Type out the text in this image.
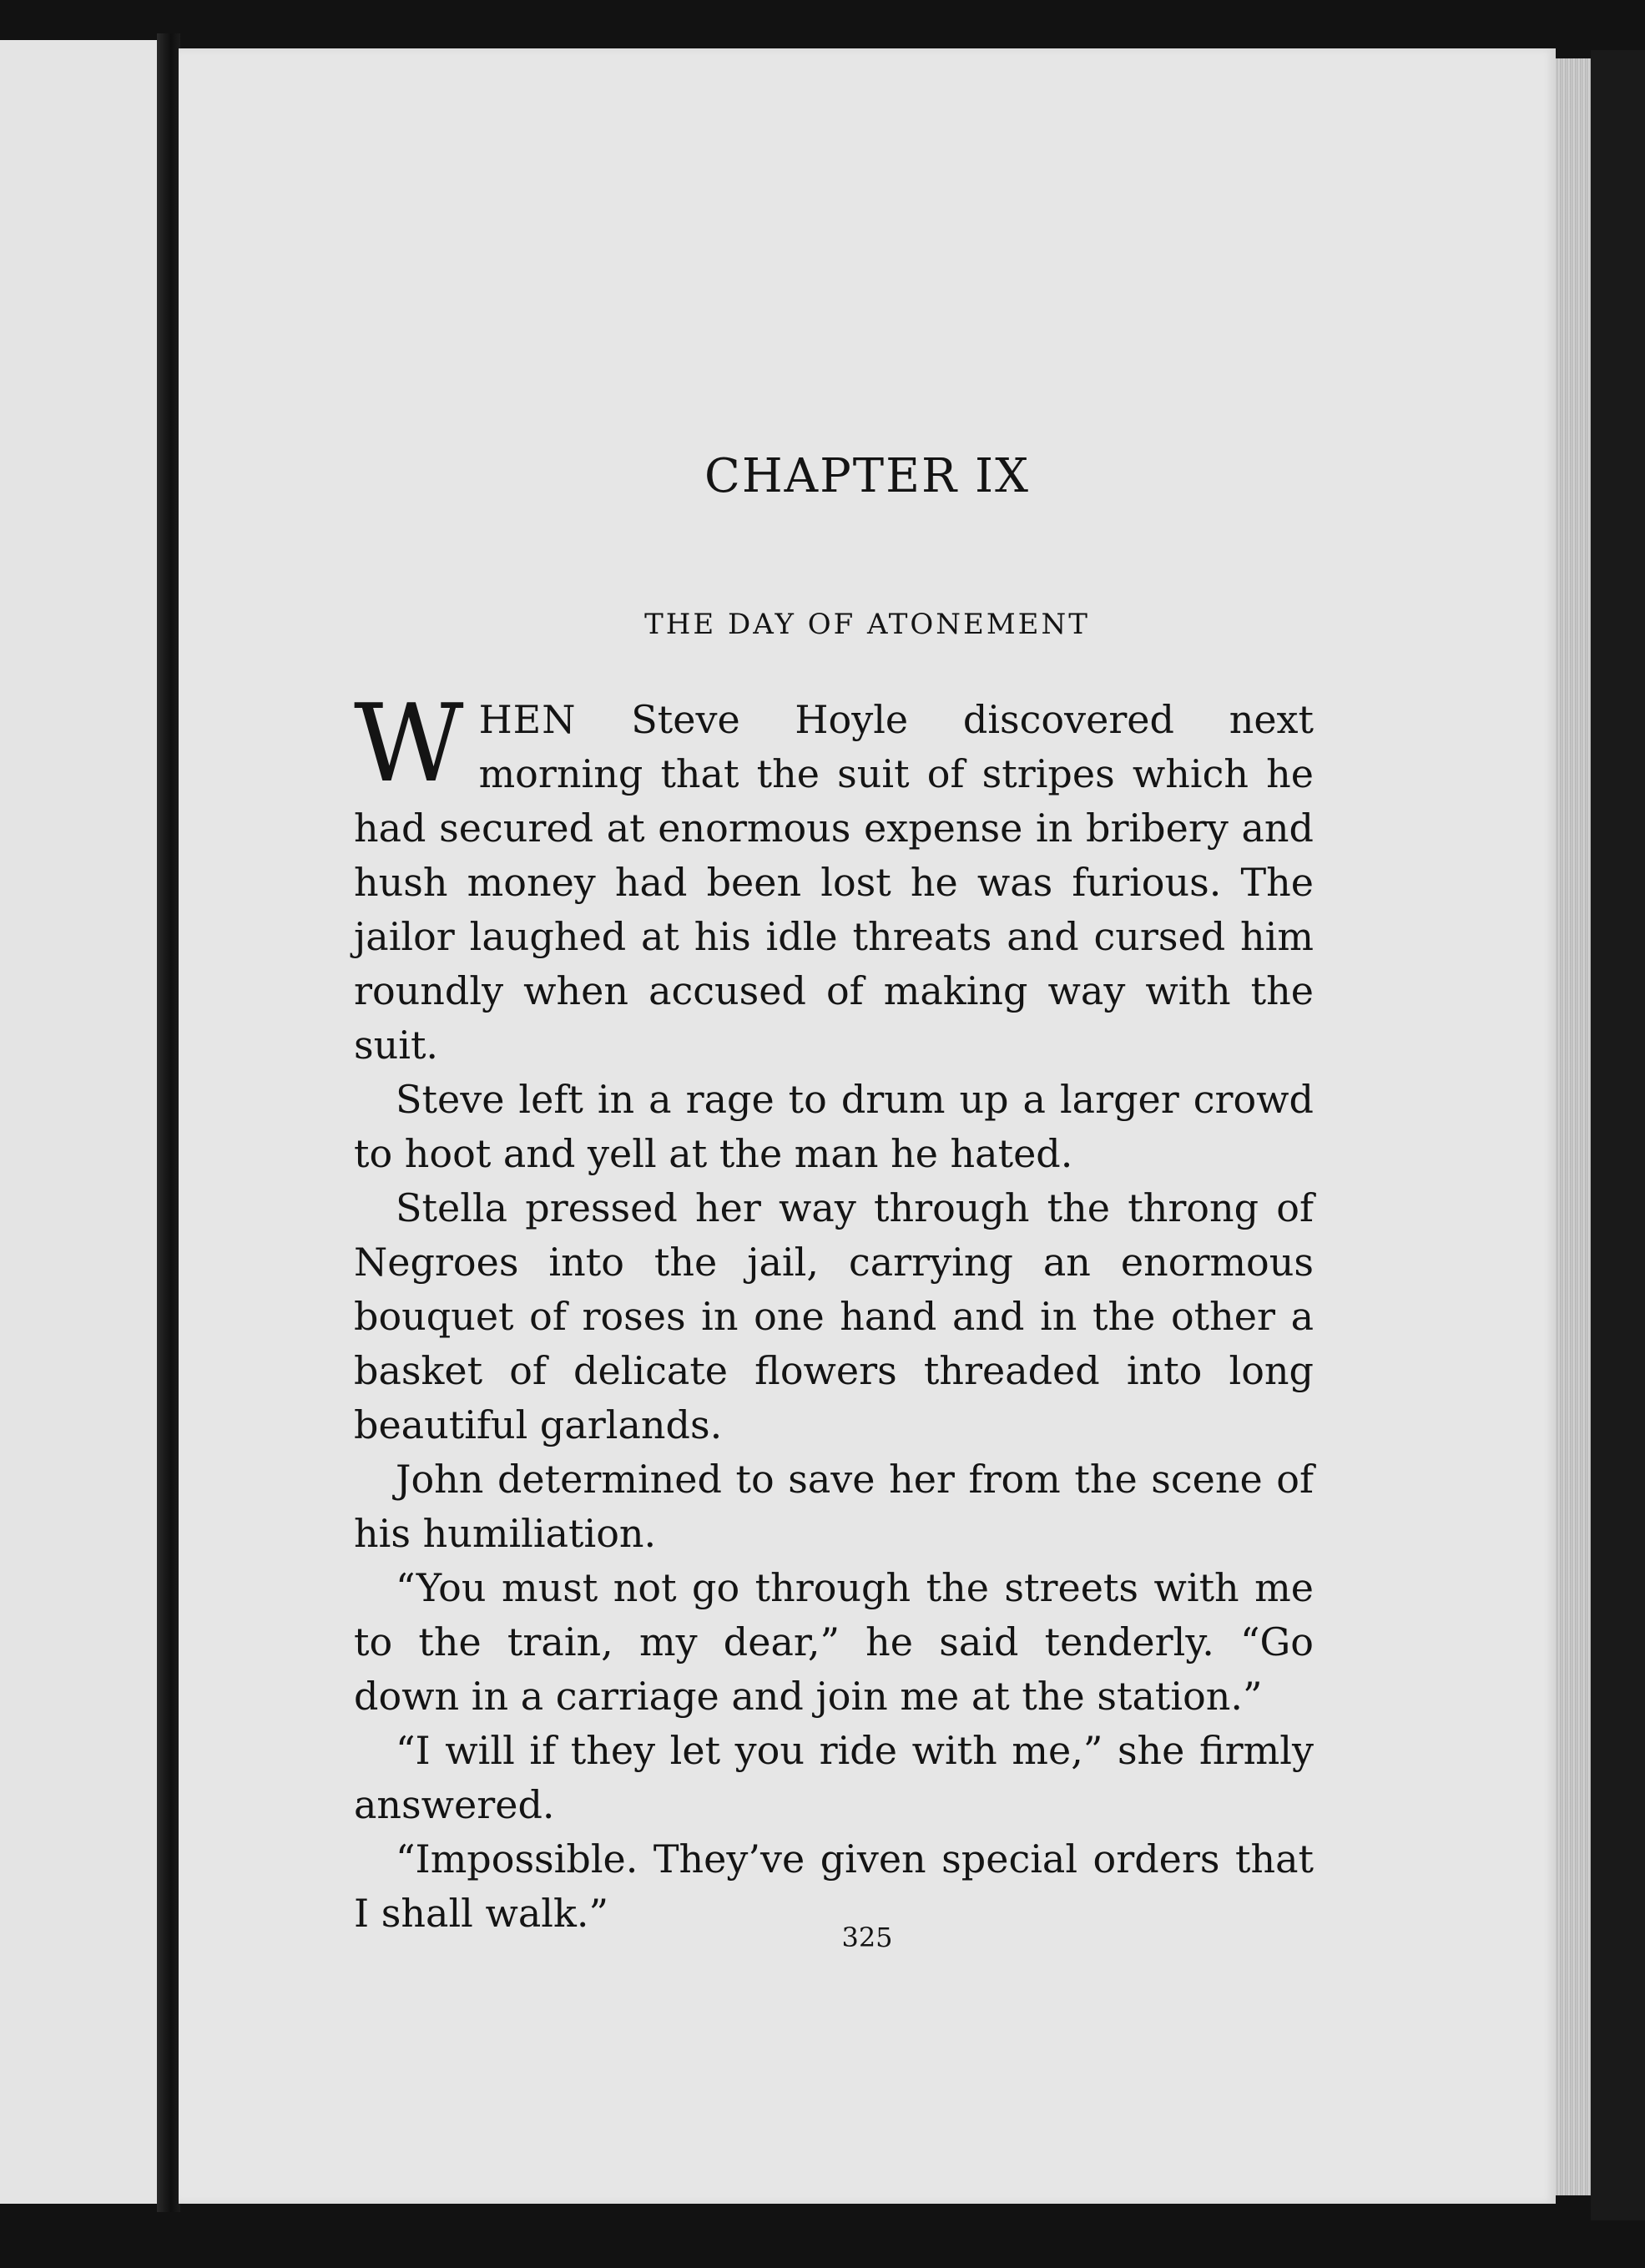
CHAPTER IX
THE DAY OF ATONEMENT

WHEN Steve Hoyle discovered next morning that the suit of stripes which he had secured at enormous expense in bribery and hush money had been lost he was furious. The jailor laughed at his idle threats and cursed him roundly when accused of making way with the suit.

Steve left in a rage to drum up a larger crowd to hoot and yell at the man he hated.

Stella pressed her way through the throng of Negroes into the jail, carrying an enormous bouquet of roses in one hand and in the other a basket of delicate flowers threaded into long beautiful garlands.

John determined to save her from the scene of his humiliation.

“You must not go through the streets with me to the train, my dear,” he said tenderly. “Go down in a carriage and join me at the station.”

“I will if they let you ride with me,” she firmly answered.

“Impossible. They’ve given special orders that I shall walk.”

325
